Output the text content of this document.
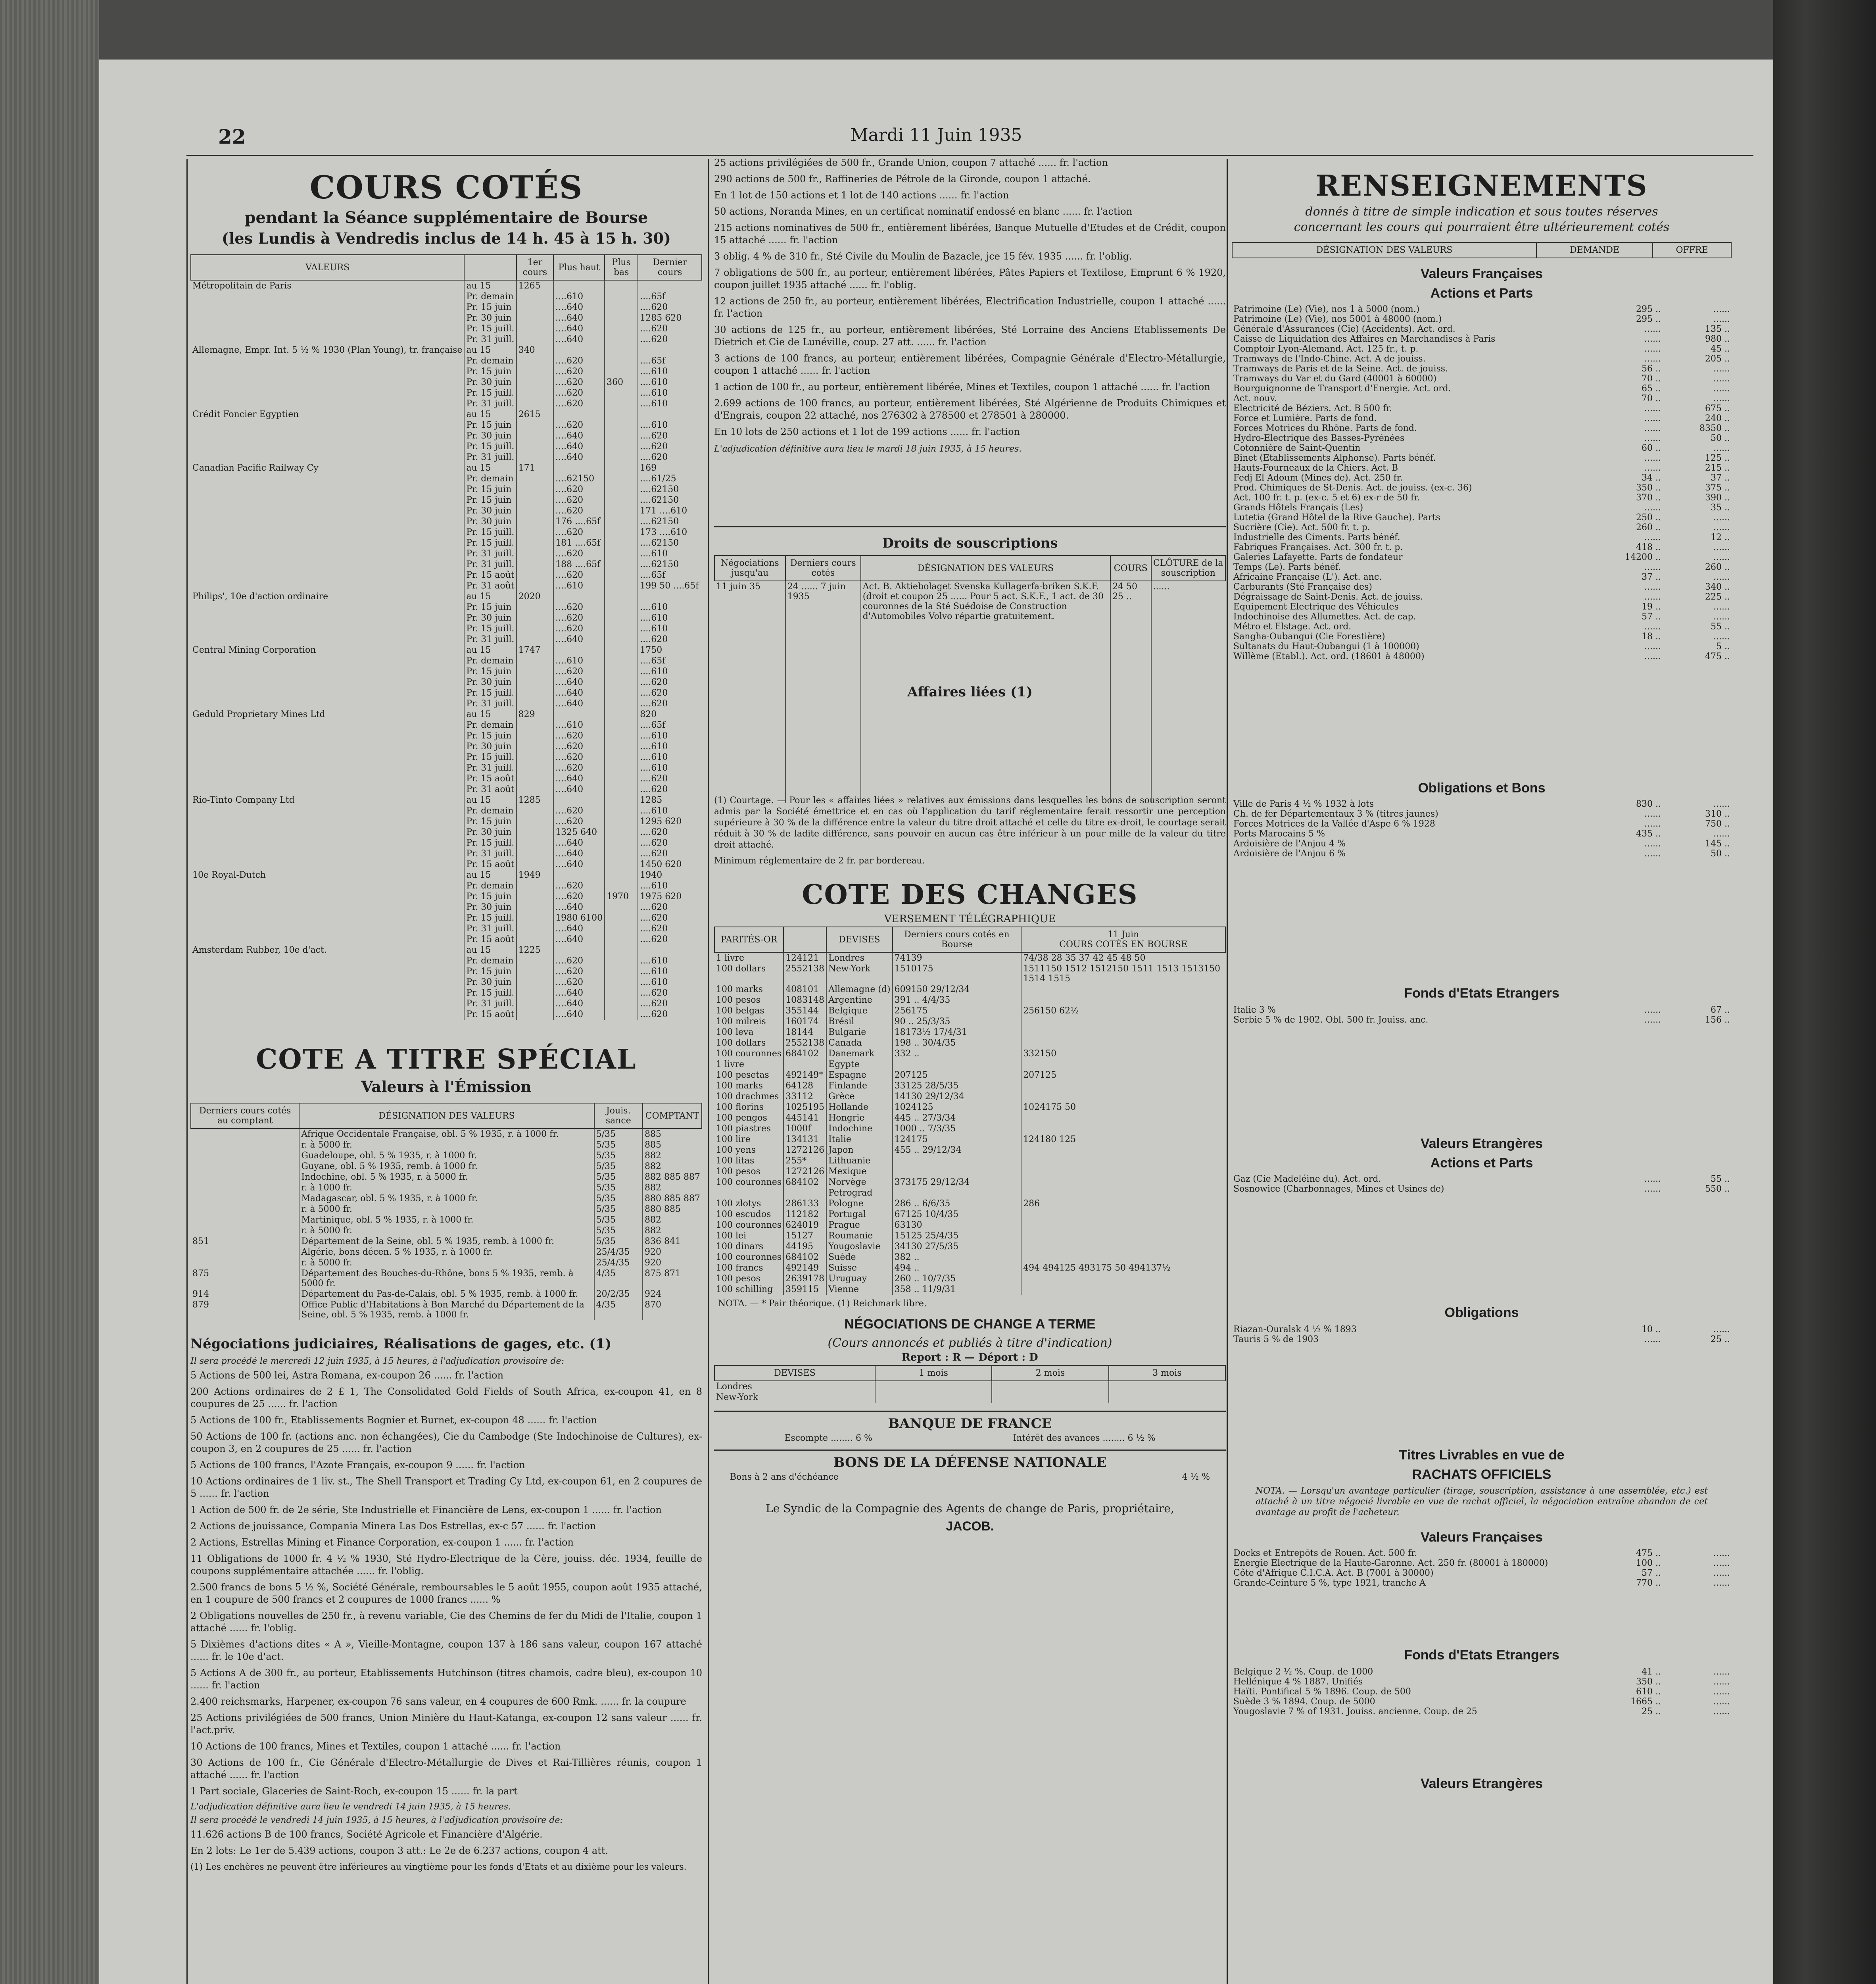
22	Mardi 11 Juin 1935
COURS COTÉS
pendant la Séance supplémentaire de Bourse
(les Lundis à Vendredis inclus de 14 h. 45 à 15 h. 30)
VALEURS		1er cours	Plus haut	Plus bas	Dernier cours
Métropolitain de Paris	au 15	1265			
	Pr. demain		....610		....65f
	Pr. 15 juin		....640		....620
	Pr. 30 juin		....640		1285 620
	Pr. 15 juill.		....640		....620
	Pr. 31 juill.		....640		....620
Allemagne, Empr. Int. 5 ½ % 1930 (Plan Young), tr. française	au 15	340			
	Pr. demain		....620		....65f
	Pr. 15 juin		....620		....610
	Pr. 30 juin		....620	360	....610
	Pr. 15 juill.		....620		....610
	Pr. 31 juill.		....620		....610
Crédit Foncier Egyptien	au 15	2615			
	Pr. 15 juin		....620		....610
	Pr. 30 juin		....640		....620
	Pr. 15 juill.		....640		....620
	Pr. 31 juill.		....640		....620
Canadian Pacific Railway Cy	au 15	171			169
	Pr. demain		....62150		....61/25
	Pr. 15 juin		....620		....62150
	Pr. 15 juin		....620		....62150
	Pr. 30 juin		....620		171 ....610
	Pr. 30 juin		176 ....65f		....62150
	Pr. 15 juill.		....620		173 ....610
	Pr. 15 juill.		181 ....65f		....62150
	Pr. 31 juill.		....620		....610
	Pr. 31 juill.		188 ....65f		....62150
	Pr. 15 août		....620		....65f
	Pr. 31 août		....610		199 50 ....65f
Philips', 10e d'action ordinaire	au 15	2020			
	Pr. 15 juin		....620		....610
	Pr. 30 juin		....620		....610
	Pr. 15 juill.		....620		....610
	Pr. 31 juill.		....640		....620
Central Mining Corporation	au 15	1747			1750
	Pr. demain		....610		....65f
	Pr. 15 juin		....620		....610
	Pr. 30 juin		....640		....620
	Pr. 15 juill.		....640		....620
	Pr. 31 juill.		....640		....620
Geduld Proprietary Mines Ltd	au 15	829			820
	Pr. demain		....610		....65f
	Pr. 15 juin		....620		....610
	Pr. 30 juin		....620		....610
	Pr. 15 juill.		....620		....610
	Pr. 31 juill.		....620		....610
	Pr. 15 août		....640		....620
	Pr. 31 août		....640		....620
Rio-Tinto Company Ltd	au 15	1285			1285
	Pr. demain		....620		....610
	Pr. 15 juin		....620		1295 620
	Pr. 30 juin		1325 640		....620
	Pr. 15 juill.		....640		....620
	Pr. 31 juill.		....640		....620
	Pr. 15 août		....640		1450 620
10e Royal-Dutch	au 15	1949			1940
	Pr. demain		....620		....610
	Pr. 15 juin		....620	1970	1975 620
	Pr. 30 juin		....640		....620
	Pr. 15 juill.		1980 6100		....620
	Pr. 31 juill.		....640		....620
	Pr. 15 août		....640		....620
Amsterdam Rubber, 10e d'act.	au 15	1225			
	Pr. demain		....620		....610
	Pr. 15 juin		....620		....610
	Pr. 30 juin		....620		....610
	Pr. 15 juill.		....640		....620
	Pr. 31 juill.		....640		....620
	Pr. 15 août		....640		....620
COTE A TITRE SPÉCIAL
Valeurs à l'Émission
Derniers cours cotés au comptant	DÉSIGNATION DES VALEURS	Jouis. sance	COMPTANT
	Afrique Occidentale Française, obl. 5 % 1935, r. à 1000 fr.	5/35	885
	r. à 5000 fr.	5/35	885
	Guadeloupe, obl. 5 % 1935, r. à 1000 fr.	5/35	882
	Guyane, obl. 5 % 1935, remb. à 1000 fr.	5/35	882
	Indochine, obl. 5 % 1935, r. à 5000 fr.	5/35	882 885 887
	r. à 1000 fr.	5/35	882
	Madagascar, obl. 5 % 1935, r. à 1000 fr.	5/35	880 885 887
	r. à 5000 fr.	5/35	880 885
	Martinique, obl. 5 % 1935, r. à 1000 fr.	5/35	882
	r. à 5000 fr.	5/35	882
851	Département de la Seine, obl. 5 % 1935, remb. à 1000 fr.	5/35	836 841
	Algérie, bons décen. 5 % 1935, r. à 1000 fr.	25/4/35	920
	r. à 5000 fr.	25/4/35	920
875	Département des Bouches-du-Rhône, bons 5 % 1935, remb. à 5000 fr.	4/35	875 871
914	Département du Pas-de-Calais, obl. 5 % 1935, remb. à 1000 fr.	20/2/35	924
879	Office Public d'Habitations à Bon Marché du Département de la Seine, obl. 5 % 1935, remb. à 1000 fr.	4/35	870
Négociations judiciaires, Réalisations de gages, etc. (1)
Il sera procédé le mercredi 12 juin 1935, à 15 heures, à l'adjudication provisoire de:

5 Actions de 500 lei, Astra Romana, ex-coupon 26 ...... fr. l'action

200 Actions ordinaires de 2 £ 1, The Consolidated Gold Fields of South Africa, ex-coupon 41, en 8 coupures de 25 ...... fr. l'action

5 Actions de 100 fr., Etablissements Bognier et Burnet, ex-coupon 48 ...... fr. l'action

50 Actions de 100 fr. (actions anc. non échangées), Cie du Cambodge (Ste Indochinoise de Cultures), ex-coupon 3, en 2 coupures de 25 ...... fr. l'action

5 Actions de 100 francs, l'Azote Français, ex-coupon 9 ...... fr. l'action

10 Actions ordinaires de 1 liv. st., The Shell Transport et Trading Cy Ltd, ex-coupon 61, en 2 coupures de 5 ...... fr. l'action

1 Action de 500 fr. de 2e série, Ste Industrielle et Financière de Lens, ex-coupon 1 ...... fr. l'action

2 Actions de jouissance, Compania Minera Las Dos Estrellas, ex-c 57 ...... fr. l'action

2 Actions, Estrellas Mining et Finance Corporation, ex-coupon 1 ...... fr. l'action

11 Obligations de 1000 fr. 4 ½ % 1930, Sté Hydro-Electrique de la Cère, jouiss. déc. 1934, feuille de coupons supplémentaire attachée ...... fr. l'oblig.

2.500 francs de bons 5 ½ %, Société Générale, remboursables le 5 août 1955, coupon août 1935 attaché, en 1 coupure de 500 francs et 2 coupures de 1000 francs ...... %

2 Obligations nouvelles de 250 fr., à revenu variable, Cie des Chemins de fer du Midi de l'Italie, coupon 1 attaché ...... fr. l'oblig.

5 Dixièmes d'actions dites « A », Vieille-Montagne, coupon 137 à 186 sans valeur, coupon 167 attaché ...... fr. le 10e d'act.

5 Actions A de 300 fr., au porteur, Etablissements Hutchinson (titres chamois, cadre bleu), ex-coupon 10 ...... fr. l'action

2.400 reichsmarks, Harpener, ex-coupon 76 sans valeur, en 4 coupures de 600 Rmk. ...... fr. la coupure

25 Actions privilégiées de 500 francs, Union Minière du Haut-Katanga, ex-coupon 12 sans valeur ...... fr. l'act.priv.

10 Actions de 100 francs, Mines et Textiles, coupon 1 attaché ...... fr. l'action

30 Actions de 100 fr., Cie Générale d'Electro-Métallurgie de Dives et Rai-Tillières réunis, coupon 1 attaché ...... fr. l'action

1 Part sociale, Glaceries de Saint-Roch, ex-coupon 15 ...... fr. la part

L'adjudication définitive aura lieu le vendredi 14 juin 1935, à 15 heures.
Il sera procédé le vendredi 14 juin 1935, à 15 heures, à l'adjudication provisoire de:

11.626 actions B de 100 francs, Société Agricole et Financière d'Algérie.

En 2 lots: Le 1er de 5.439 actions, coupon 3 att.: Le 2e de 6.237 actions, coupon 4 att.

(1) Les enchères ne peuvent être inférieures au vingtième pour les fonds d'Etats et au dixième pour les valeurs.

25 actions privilégiées de 500 fr., Grande Union, coupon 7 attaché ...... fr. l'action

290 actions de 500 fr., Raffineries de Pétrole de la Gironde, coupon 1 attaché.

En 1 lot de 150 actions et 1 lot de 140 actions ...... fr. l'action

50 actions, Noranda Mines, en un certificat nominatif endossé en blanc ...... fr. l'action

215 actions nominatives de 500 fr., entièrement libérées, Banque Mutuelle d'Etudes et de Crédit, coupon 15 attaché ...... fr. l'action

3 oblig. 4 % de 310 fr., Sté Civile du Moulin de Bazacle, jce 15 fév. 1935 ...... fr. l'oblig.

7 obligations de 500 fr., au porteur, entièrement libérées, Pâtes Papiers et Textilose, Emprunt 6 % 1920, coupon juillet 1935 attaché ...... fr. l'oblig.

12 actions de 250 fr., au porteur, entièrement libérées, Electrification Industrielle, coupon 1 attaché ...... fr. l'action

30 actions de 125 fr., au porteur, entièrement libérées, Sté Lorraine des Anciens Etablissements De Dietrich et Cie de Lunéville, coup. 27 att. ...... fr. l'action

3 actions de 100 francs, au porteur, entièrement libérées, Compagnie Générale d'Electro-Métallurgie, coupon 1 attaché ...... fr. l'action

1 action de 100 fr., au porteur, entièrement libérée, Mines et Textiles, coupon 1 attaché ...... fr. l'action

2.699 actions de 100 francs, au porteur, entièrement libérées, Sté Algérienne de Produits Chimiques et d'Engrais, coupon 22 attaché, nos 276302 à 278500 et 278501 à 280000.

En 10 lots de 250 actions et 1 lot de 199 actions ...... fr. l'action

L'adjudication définitive aura lieu le mardi 18 juin 1935, à 15 heures.
Droits de souscriptions
Négociations jusqu'au	Derniers cours cotés	DÉSIGNATION DES VALEURS	COURS	CLÔTURE de la souscription
11 juin 35	24 ...... 7 juin 1935	Act. B. Aktiebolaget Svenska Kullagerfa-briken S.K.F. (droit et coupon 25 ...... Pour 5 act. S.K.F., 1 act. de 30 couronnes de la Sté Suédoise de Construction d'Automobiles Volvo répartie gratuitement.	24 50 25 ..	......
Affaires liées (1)

(1) Courtage. — Pour les « affaires liées » relatives aux émissions dans lesquelles les bons de souscription seront admis par la Société émettrice et en cas où l'application du tarif réglementaire ferait ressortir une perception supérieure à 30 % de la différence entre la valeur du titre droit attaché et celle du titre ex-droit, le courtage serait réduit à 30 % de ladite différence, sans pouvoir en aucun cas être inférieur à un pour mille de la valeur du titre droit attaché.

Minimum réglementaire de 2 fr. par bordereau.

COTE DES CHANGES
VERSEMENT TÉLÉGRAPHIQUE
PARITÉS-OR		DEVISES	Derniers cours cotés en Bourse	11 Juin
COURS COTÉS EN BOURSE

1 livre	124121	Londres	74139	74/38 28 35 37 42 45 48 50
100 dollars	2552138	New-York	1510175	1511150 1512 1512150 1511 1513 1513150 1514 1515
100 marks	408101	Allemagne (d)	609150 29/12/34	
100 pesos	1083148	Argentine	391 .. 4/4/35	
100 belgas	355144	Belgique	256175	256150 62½
100 milreis	160174	Brésil	90 .. 25/3/35	
100 leva	18144	Bulgarie	18173½ 17/4/31	
100 dollars	2552138	Canada	198 .. 30/4/35	
100 couronnes	684102	Danemark	332 ..	332150
1 livre		Egypte		
100 pesetas	492149*	Espagne	207125	207125
100 marks	64128	Finlande	33125 28/5/35	
100 drachmes	33112	Grèce	14130 29/12/34	
100 florins	1025195	Hollande	1024125	1024175 50
100 pengos	445141	Hongrie	445 .. 27/3/34	
100 piastres	1000f	Indochine	1000 .. 7/3/35	
100 lire	134131	Italie	124175	124180 125
100 yens	1272126	Japon	455 .. 29/12/34	
100 litas	255*	Lithuanie		
100 pesos	1272126	Mexique		
100 couronnes	684102	Norvège	373175 29/12/34	
		Petrograd		
100 zlotys	286133	Pologne	286 .. 6/6/35	286
100 escudos	112182	Portugal	67125 10/4/35	
100 couronnes	624019	Prague	63130	
100 lei	15127	Roumanie	15125 25/4/35	
100 dinars	44195	Yougoslavie	34130 27/5/35	
100 couronnes	684102	Suède	382 ..	
100 francs	492149	Suisse	494 ..	494 494125 493175 50 494137½
100 pesos	2639178	Uruguay	260 .. 10/7/35	
100 schilling	359115	Vienne	358 .. 11/9/31	
NOTA. — * Pair théorique. (1) Reichmark libre.
NÉGOCIATIONS DE CHANGE A TERME
(Cours annoncés et publiés à titre d'indication)
Report : R — Déport : D
DEVISES	1 mois	2 mois	3 mois
Londres			
New-York			
BANQUE DE FRANCE
Escompte ........ 6 %	Intérêt des avances ........ 6 ½ %
BONS DE LA DÉFENSE NATIONALE
Bons à 2 ans d'échéance	4 ½ %
Le Syndic de la Compagnie des Agents de change de Paris, propriétaire,
JACOB.
RENSEIGNEMENTS
donnés à titre de simple indication et sous toutes réserves
concernant les cours qui pourraient être ultérieurement cotés
DÉSIGNATION DES VALEURS	DEMANDE	OFFRE
Valeurs Françaises
Actions et Parts
Patrimoine (Le) (Vie), nos 1 à 5000 (nom.)	295 ..	......
Patrimoine (Le) (Vie), nos 5001 à 48000 (nom.)	295 ..	......
Générale d'Assurances (Cie) (Accidents). Act. ord.	......	135 ..
Caisse de Liquidation des Affaires en Marchandises à Paris	......	980 ..
Comptoir Lyon-Alemand. Act. 125 fr., t. p.	......	45 ..
Tramways de l'Indo-Chine. Act. A de jouiss.	......	205 ..
Tramways de Paris et de la Seine. Act. de jouiss.	56 ..	......
Tramways du Var et du Gard (40001 à 60000)	70 ..	......
Bourguignonne de Transport d'Energie. Act. ord.	65 ..	......
Act. nouv.	70 ..	......
Electricité de Béziers. Act. B 500 fr.	......	675 ..
Force et Lumière. Parts de fond.	......	240 ..
Forces Motrices du Rhône. Parts de fond.	......	8350 ..
Hydro-Electrique des Basses-Pyrénées	......	50 ..
Cotonnière de Saint-Quentin	60 ..	......
Binet (Etablissements Alphonse). Parts bénéf.	......	125 ..
Hauts-Fourneaux de la Chiers. Act. B	......	215 ..
Fedj El Adoum (Mines de). Act. 250 fr.	34 ..	37 ..
Prod. Chimiques de St-Denis. Act. de jouiss. (ex-c. 36)	350 ..	375 ..
Act. 100 fr. t. p. (ex-c. 5 et 6) ex-r de 50 fr.	370 ..	390 ..
Grands Hôtels Français (Les)	......	35 ..
Lutetia (Grand Hôtel de la Rive Gauche). Parts	250 ..	......
Sucrière (Cie). Act. 500 fr. t. p.	260 ..	......
Industrielle des Ciments. Parts bénéf.	......	12 ..
Fabriques Françaises. Act. 300 fr. t. p.	418 ..	......
Galeries Lafayette. Parts de fondateur	14200 ..	......
Temps (Le). Parts bénéf.	......	260 ..
Africaine Française (L'). Act. anc.	37 ..	......
Carburants (Sté Française des)	......	340 ..
Dégraissage de Saint-Denis. Act. de jouiss.	......	225 ..
Equipement Electrique des Véhicules	19 ..	......
Indochinoise des Allumettes. Act. de cap.	57 ..	......
Métro et Elstage. Act. ord.	......	55 ..
Sangha-Oubangui (Cie Forestière)	18 ..	......
Sultanats du Haut-Oubangui (1 à 100000)	......	5 ..
Willème (Etabl.). Act. ord. (18601 à 48000)	......	475 ..
Obligations et Bons
Ville de Paris 4 ½ % 1932 à lots	830 ..	......
Ch. de fer Départementaux 3 % (titres jaunes)	......	310 ..
Forces Motrices de la Vallée d'Aspe 6 % 1928	......	750 ..
Ports Marocains 5 %	435 ..	......
Ardoisière de l'Anjou 4 %	......	145 ..
Ardoisière de l'Anjou 6 %	......	50 ..
Fonds d'Etats Etrangers
Italie 3 %	......	67 ..
Serbie 5 % de 1902. Obl. 500 fr. Jouiss. anc.	......	156 ..
Valeurs Etrangères
Actions et Parts
Gaz (Cie Madeléine du). Act. ord.	......	55 ..
Sosnowice (Charbonnages, Mines et Usines de)	......	550 ..
Obligations
Riazan-Ouralsk 4 ½ % 1893	10 ..	......
Tauris 5 % de 1903	......	25 ..
Titres Livrables en vue de
RACHATS OFFICIELS

NOTA. — Lorsqu'un avantage particulier (tirage, souscription, assistance à une assemblée, etc.) est attaché à un titre négocié livrable en vue de rachat officiel, la négociation entraîne abandon de cet avantage au profit de l'acheteur.

Valeurs Françaises
Docks et Entrepôts de Rouen. Act. 500 fr.	475 ..	......
Energie Electrique de la Haute-Garonne. Act. 250 fr. (80001 à 180000)	100 ..	......
Côte d'Afrique C.I.C.A. Act. B (7001 à 30000)	57 ..	......
Grande-Ceinture 5 %, type 1921, tranche A	770 ..	......
Fonds d'Etats Etrangers
Belgique 2 ½ %. Coup. de 1000	41 ..	......
Hellénique 4 % 1887. Unifiés	350 ..	......
Haïti. Pontifical 5 % 1896. Coup. de 500	610 ..	......
Suède 3 % 1894. Coup. de 5000	1665 ..	......
Yougoslavie 7 % of 1931. Jouiss. ancienne. Coup. de 25	25 ..	......
Valeurs Etrangères
